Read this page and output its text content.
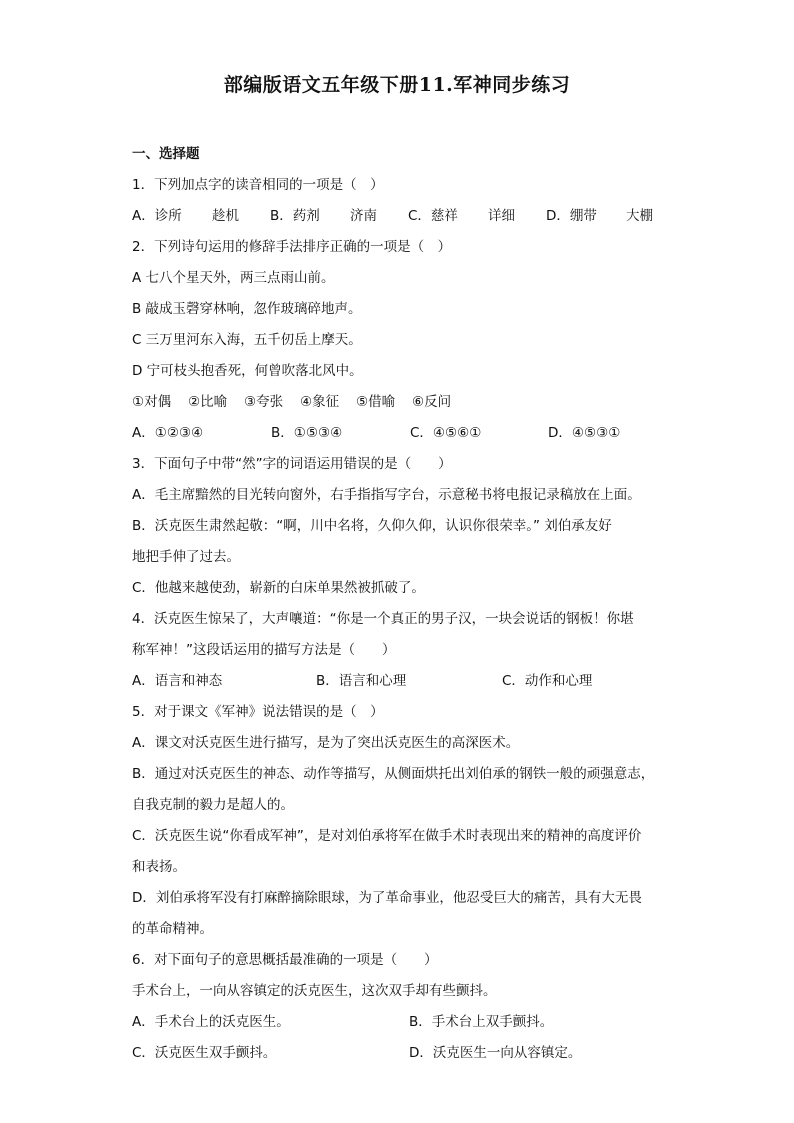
部编版语文五年级下册11.军神同步练习
一、选择题
1．下列加点字的读音相同的一项是（　）
A．诊所	趁机	B．药剂	济南	C．慈祥	详细	D．绷带	大棚
2．下列诗句运用的修辞手法排序正确的一项是（　）
A 七八个星天外，两三点雨山前。
B 敲成玉磬穿林响，忽作玻璃碎地声。
C 三万里河东入海，五千仞岳上摩天。
D 宁可枝头抱香死，何曾吹落北风中。
①对偶	②比喻	③夸张	④象征	⑤借喻	⑥反问
A．①②③④	B．①⑤③④	C．④⑤⑥①	D．④⑤③①
3．下面句子中带“然”字的词语运用错误的是（　　）
A．毛主席黯然的目光转向窗外，右手指指写字台，示意秘书将电报记录稿放在上面。
B．沃克医生肃然起敬：“啊，川中名将，久仰久仰，认识你很荣幸。” 刘伯承友好
地把手伸了过去。
C．他越来越使劲，崭新的白床单果然被抓破了。
4．沃克医生惊呆了，大声嚷道：“你是一个真正的男子汉，一块会说话的钢板！你堪
称军神！”这段话运用的描写方法是（　　）
A．语言和神态	B．语言和心理	C．动作和心理
5．对于课文《军神》说法错误的是（　）
A．课文对沃克医生进行描写，是为了突出沃克医生的高深医术。
B．通过对沃克医生的神态、动作等描写，从侧面烘托出刘伯承的钢铁一般的顽强意志，
自我克制的毅力是超人的。
C．沃克医生说“你看成军神”，是对刘伯承将军在做手术时表现出来的精神的高度评价
和表扬。
D．刘伯承将军没有打麻醉摘除眼球，为了革命事业，他忍受巨大的痛苦，具有大无畏
的革命精神。
6．对下面句子的意思概括最准确的一项是（　　）
手术台上，一向从容镇定的沃克医生，这次双手却有些颤抖。
A．手术台上的沃克医生。	B．手术台上双手颤抖。
C．沃克医生双手颤抖。	D．沃克医生一向从容镇定。
